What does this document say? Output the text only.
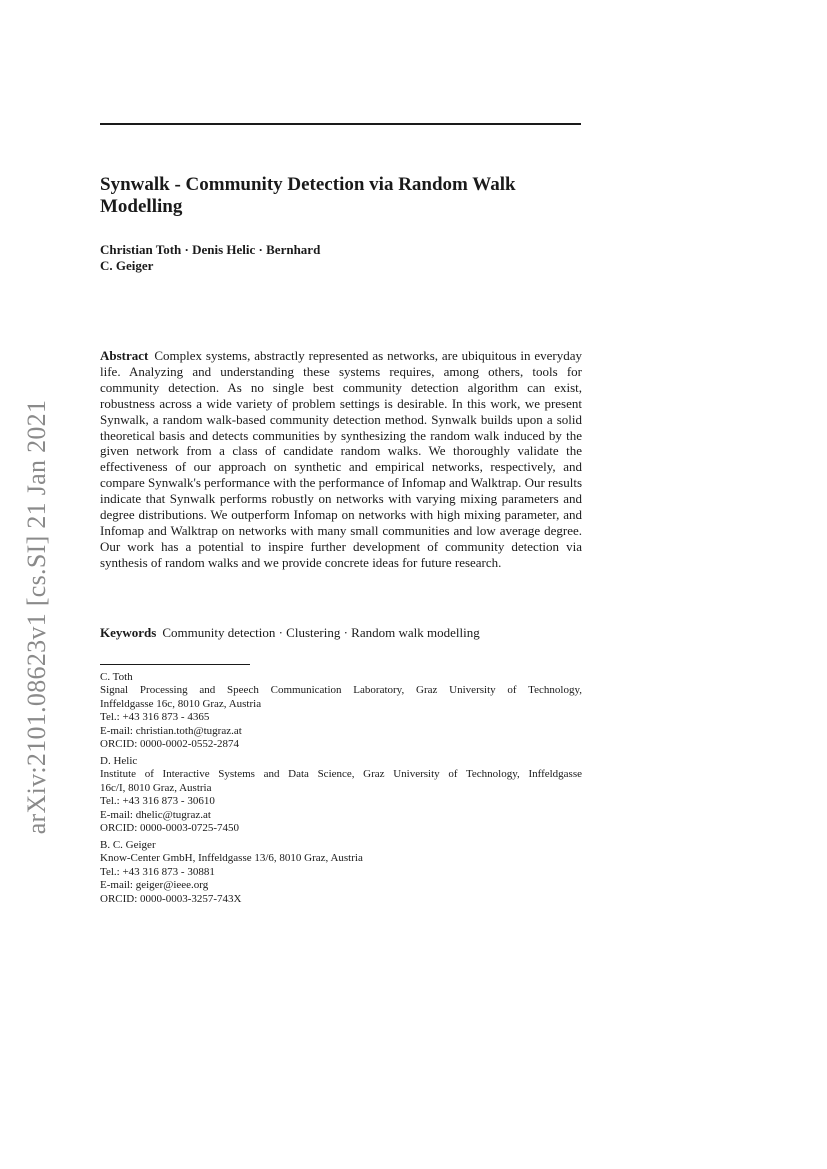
Synwalk - Community Detection via Random Walk
Modelling
Christian Toth · Denis Helic · Bernhard
C. Geiger

Abstract Complex systems, abstractly represented as networks, are ubiquitous in everyday life. Analyzing and understanding these systems requires, among others, tools for community detection. As no single best community detection algorithm can exist, robustness across a wide variety of problem settings is desirable. In this work, we present Synwalk, a random walk-based community detection method. Synwalk builds upon a solid theoretical basis and detects communities by synthesizing the random walk induced by the given network from a class of candidate random walks. We thoroughly validate the effectiveness of our approach on synthetic and empirical networks, respectively, and compare Synwalk's performance with the performance of Infomap and Walktrap. Our results indicate that Synwalk performs robustly on networks with varying mixing parameters and degree distributions. We outperform Infomap on networks with high mixing parameter, and Infomap and Walktrap on networks with many small communities and low average degree. Our work has a potential to inspire further development of community detection via synthesis of random walks and we provide concrete ideas for future research.

Keywords Community detection · Clustering · Random walk modelling
C. Toth
Signal Processing and Speech Communication Laboratory, Graz University of Technology,
Inffeldgasse 16c, 8010 Graz, Austria
Tel.: +43 316 873 - 4365
E-mail: christian.toth@tugraz.at
ORCID: 0000-0002-0552-2874
D. Helic
Institute of Interactive Systems and Data Science, Graz University of Technology, Inffeldgasse
16c/I, 8010 Graz, Austria
Tel.: +43 316 873 - 30610
E-mail: dhelic@tugraz.at
ORCID: 0000-0003-0725-7450
B. C. Geiger
Know-Center GmbH, Inffeldgasse 13/6, 8010 Graz, Austria
Tel.: +43 316 873 - 30881
E-mail: geiger@ieee.org
ORCID: 0000-0003-3257-743X
arXiv:2101.08623v1 [cs.SI] 21 Jan 2021
